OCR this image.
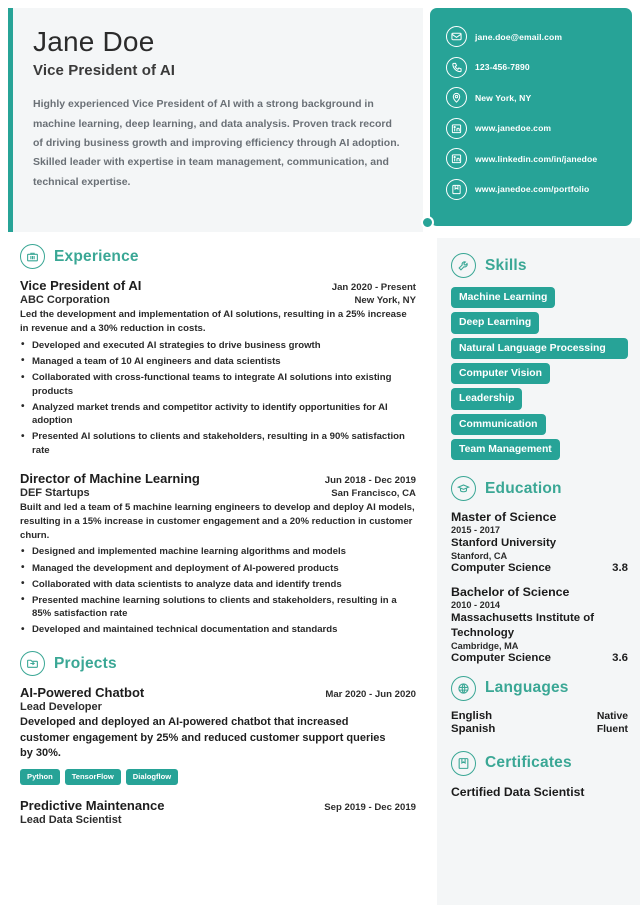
Jane Doe
Vice President of AI
Highly experienced Vice President of AI with a strong background in machine learning, deep learning, and data analysis. Proven track record of driving business growth and improving efficiency through AI adoption. Skilled leader with expertise in team management, communication, and technical expertise.
jane.doe@email.com
123-456-7890
New York, NY
www.janedoe.com
www.linkedin.com/in/janedoe
www.janedoe.com/portfolio
Experience
Vice President of AI	Jan 2020 - Present
ABC Corporation	New York, NY
Led the development and implementation of AI solutions, resulting in a 25% increase in revenue and a 30% reduction in costs.
• Developed and executed AI strategies to drive business growth
• Managed a team of 10 AI engineers and data scientists
• Collaborated with cross-functional teams to integrate AI solutions into existing products
• Analyzed market trends and competitor activity to identify opportunities for AI adoption
• Presented AI solutions to clients and stakeholders, resulting in a 90% satisfaction rate
Director of Machine Learning	Jun 2018 - Dec 2019
DEF Startups	San Francisco, CA
Built and led a team of 5 machine learning engineers to develop and deploy AI models, resulting in a 15% increase in customer engagement and a 20% reduction in customer churn.
• Designed and implemented machine learning algorithms and models
• Managed the development and deployment of AI-powered products
• Collaborated with data scientists to analyze data and identify trends
• Presented machine learning solutions to clients and stakeholders, resulting in a 85% satisfaction rate
• Developed and maintained technical documentation and standards
Projects
AI-Powered Chatbot	Mar 2020 - Jun 2020
Lead Developer
Developed and deployed an AI-powered chatbot that increased customer engagement by 25% and reduced customer support queries by 30%.
Python	TensorFlow	Dialogflow
Predictive Maintenance	Sep 2019 - Dec 2019
Lead Data Scientist
Skills
Machine Learning
Deep Learning
Natural Language Processing
Computer Vision
Leadership
Communication
Team Management
Education
Master of Science
2015 - 2017
Stanford University
Stanford, CA
Computer Science	3.8
Bachelor of Science
2010 - 2014
Massachusetts Institute of Technology
Cambridge, MA
Computer Science	3.6
Languages
English	Native
Spanish	Fluent
Certificates
Certified Data Scientist
